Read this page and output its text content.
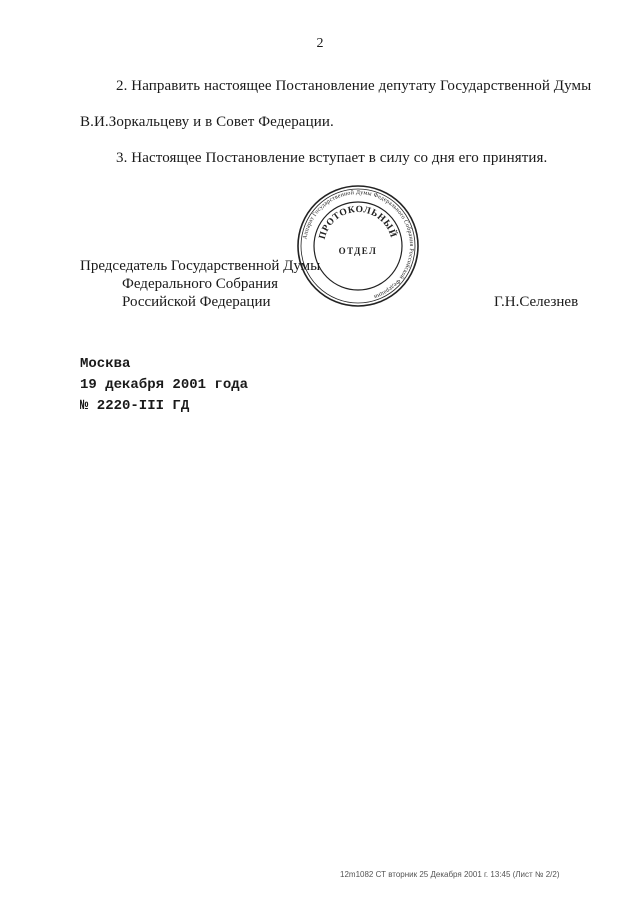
2
2. Направить настоящее Постановление депутату Государственной Думы
В.И.Зоркальцеву и в Совет Федерации.
3. Настоящее Постановление вступает в силу со дня его принятия.
Аппарат Государственной Думы Федерального Собрания Российской Федерации
ПРОТОКОЛЬНЫЙ
ОТДЕЛ
Председатель Государственной Думы
Федерального Собрания
Российской Федерации	Г.Н.Селезнев
Москва
19 декабря 2001 года
№ 2220-III ГД
12m1082 СТ вторник 25 Декабря 2001 г. 13:45 (Лист № 2/2)
